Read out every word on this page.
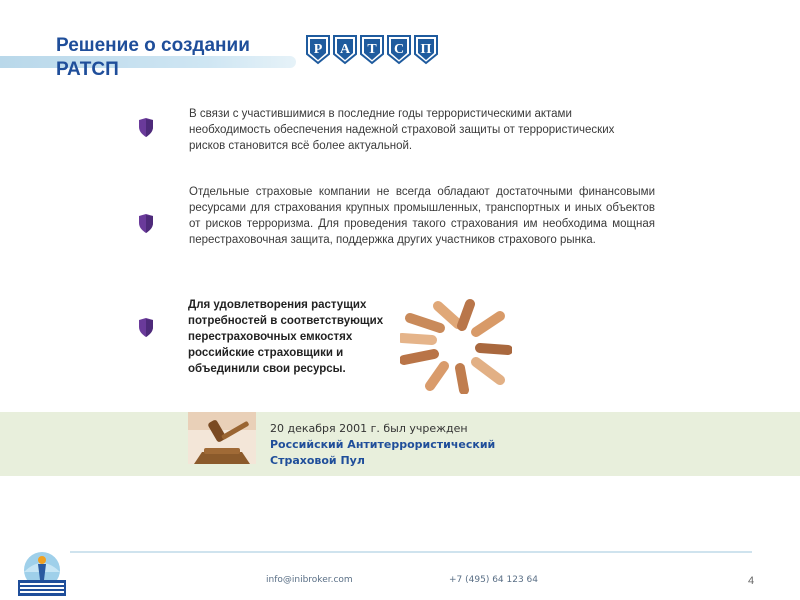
Решение о создании РАТСП
Р А Т С П
В связи с участившимися в последние годы террористическими актами необходимость обеспечения надежной страховой защиты от террористических рисков становится всё более актуальной.
Отдельные страховые компании не всегда обладают достаточными финансовыми ресурсами для страхования крупных промышленных, транспортных и иных объектов от рисков терроризма. Для проведения такого страхования им необходима мощная перестраховочная защита, поддержка других участников страхового рынка.
Для удовлетворения растущих потребностей в соответствующих перестраховочных емкостях российские страховщики и объединили свои ресурсы.
20 декабря 2001 г. был учрежден
Российский Антитеррористический Страховой Пул
info@inibroker.com	+7 (495) 64 123 64	4
